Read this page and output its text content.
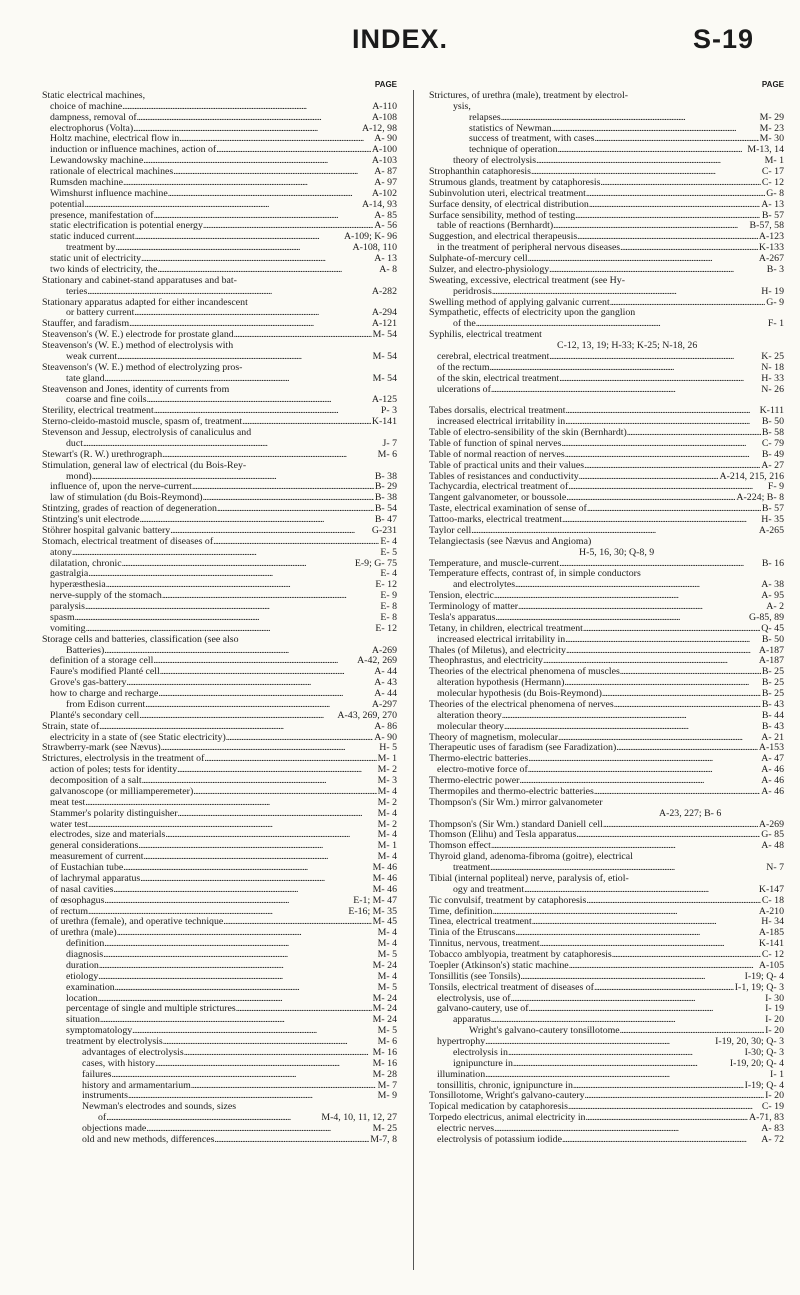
INDEX.	S-19
PAGE
Static electrical machines,
choice of machine . . .	A-110
dampness, removal of . . .	A-108
electrophorus (Volta) . . .	A-12, 98
Holtz machine, electrical flow in . . .	A- 90
induction or influence machines, action of . . .	A-100
Lewandowsky machine . . .	A-103
rationale of electrical machines . . .	A- 87
Rumsden machine . . .	A- 97
Wimshurst influence machine . . .	A-102
potential . . .	A-14, 93
presence, manifestation of . . .	A- 85
static electrification is potential energy . . .	A- 56
static induced current . . .	A-109; K- 96
treatment by . . .	A-108, 110
static unit of electricity . . .	A- 13
two kinds of electricity, the . . .	A- 8
Stationary and cabinet-stand apparatuses and bat-
teries . . .	A-282
Stationary apparatus adapted for either incandescent
or battery current . . .	A-294
Stauffer, and faradism . . .	A-121
Steavenson's (W. E.) electrode for prostate gland . . .	M- 54
Steavenson's (W. E.) method of electrolysis with
weak current . . .	M- 54
Steavenson's (W. E.) method of electrolyzing pros-
tate gland . . .	M- 54
Steavenson and Jones, identity of currents from
coarse and fine coils . . .	A-125
Sterility, electrical treatment . . .	P- 3
Sterno-cleido-mastoid muscle, spasm of, treatment . . .	K-141
Stevenson and Jessup, electrolysis of canaliculus and
duct . . .	J- 7
Stewart's (R. W.) urethrograph . . .	M- 6
Stimulation, general law of electrical (du Bois-Rey-
mond) . . .	B- 38
influence of, upon the nerve-current . . .	B- 29
law of stimulation (du Bois-Reymond) . . .	B- 38
Stintzing, grades of reaction of degeneration . . .	B- 54
Stintzing's unit electrode . . .	B- 47
Stöhrer hospital galvanic battery . . .	G-231
Stomach, electrical treatment of diseases of . . .	E- 4
atony . . .	E- 5
dilatation, chronic . . .	E-9; G- 75
gastralgia . . .	E- 4
hyperæsthesia . . .	E- 12
nerve-supply of the stomach . . .	E- 9
paralysis . . .	E- 8
spasm . . .	E- 8
vomiting . . .	E- 12
Storage cells and batteries, classification (see also
Batteries) . . .	A-269
definition of a storage cell . . .	A-42, 269
Faure's modified Planté cell . . .	A- 44
Grove's gas-battery . . .	A- 43
how to charge and recharge . . .	A- 44
from Edison current . . .	A-297
Planté's secondary cell . . .	A-43, 269, 270
Strain, state of . . .	A- 86
electricity in a state of (see Static electricity) . . .	A- 90
Strawberry-mark (see Nævus) . . .	H- 5
Strictures, electrolysis in the treatment of . . .	M- 1
action of poles; tests for identity . . .	M- 2
decomposition of a salt . . .	M- 3
galvanoscope (or milliamperemeter) . . .	M- 4
meat test . . .	M- 2
Stammer's polarity distinguisher . . .	M- 4
water test . . .	M- 2
electrodes, size and materials . . .	M- 4
general considerations . . .	M- 1
measurement of current . . .	M- 4
of Eustachian tube . . .	M- 46
of lachrymal apparatus . . .	M- 46
of nasal cavities . . .	M- 46
of œsophagus . . .	E-1; M- 47
of rectum . . .	E-16; M- 35
of urethra (female), and operative technique . . .	M- 45
of urethra (male) . . .	M- 4
definition . . .	M- 4
diagnosis . . .	M- 5
duration . . .	M- 24
etiology . . .	M- 4
examination . . .	M- 5
location . . .	M- 24
percentage of single and multiple strictures . . .	M- 24
situation . . .	M- 24
symptomatology . . .	M- 5
treatment by electrolysis . . .	M- 6
advantages of electrolysis . . .	M- 16
cases, with history . . .	M- 16
failures . . .	M- 28
history and armamentarium . . .	M- 7
instruments . . .	M- 9
Newman's electrodes and sounds, sizes
of . . .	M-4, 10, 11, 12, 27
objections made . . .	M- 25
old and new methods, differences . . .	M-7, 8
PAGE
Strictures, of urethra (male), treatment by electrol-
ysis,
relapses . . .	M- 29
statistics of Newman . . .	M- 23
success of treatment, with cases . . .	M- 30
technique of operation . . .	M-13, 14
theory of electrolysis . . .	M- 1
Strophanthin cataphoresis . . .	C- 17
Strumous glands, treatment by cataphoresis . . .	C- 12
Subinvolution uteri, electrical treatment . . .	G- 8
Surface density, of electrical distribution . . .	A- 13
Surface sensibility, method of testing . . .	B- 57
table of reactions (Bernhardt) . . .	B-57, 58
Suggestion, and electrical therapeusis . . .	A-123
in the treatment of peripheral nervous diseases . . .	K-133
Sulphate-of-mercury cell . . .	A-267
Sulzer, and electro-physiology . . .	B- 3
Sweating, excessive, electrical treatment (see Hy-
peridrosis . . .	H- 19
Swelling method of applying galvanic current . . .	G- 9
Sympathetic, effects of electricity upon the ganglion
of the . . .	F- 1
Syphilis, electrical treatment
C-12, 13, 19; H-33; K-25; N-18, 26
cerebral, electrical treatment . . .	K- 25
of the rectum . . .	N- 18
of the skin, electrical treatment . . .	H- 33
ulcerations of . . .	N- 26

Tabes dorsalis, electrical treatment . . .	K-111
increased electrical irritability in . . .	B- 50
Table of electro-sensibility of the skin (Bernhardt) . . .	B- 58
Table of function of spinal nerves . . .	C- 79
Table of normal reaction of nerves . . .	B- 49
Table of practical units and their values . . .	A- 27
Tables of resistances and conductivity . . .	A-214, 215, 216
Tachycardia, electrical treatment of . . .	F- 9
Tangent galvanometer, or boussole . . .	A-224; B- 8
Taste, electrical examination of sense of . . .	B- 57
Tattoo-marks, electrical treatment . . .	H- 35
Taylor cell . . .	A-265
Telangiectasis (see Nævus and Angioma)
H-5, 16, 30; Q-8, 9
Temperature, and muscle-current . . .	B- 16
Temperature effects, contrast of, in simple conductors
and electrolytes . . .	A- 38
Tension, electric . . .	A- 95
Terminology of matter . . .	A- 2
Tesla's apparatus . . .	G-85, 89
Tetany, in children, electrical treatment . . .	Q- 45
increased electrical irritability in . . .	B- 50
Thales (of Miletus), and electricity . . .	A-187
Theophrastus, and electricity . . .	A-187
Theories of the electrical phenomena of muscles . . .	B- 25
alteration hypothesis (Hermann) . . .	B- 25
molecular hypothesis (du Bois-Reymond) . . .	B- 25
Theories of the electrical phenomena of nerves . . .	B- 43
alteration theory . . .	B- 44
molecular theory . . .	B- 43
Theory of magnetism, molecular . . .	A- 21
Therapeutic uses of faradism (see Faradization) . . .	A-153
Thermo-electric batteries . . .	A- 47
electro-motive force of . . .	A- 46
Thermo-electric power . . .	A- 46
Thermopiles and thermo-electric batteries . . .	A- 46
Thompson's (Sir Wm.) mirror galvanometer
A-23, 227; B- 6
Thompson's (Sir Wm.) standard Daniell cell . . .	A-269
Thomson (Elihu) and Tesla apparatus . . .	G- 85
Thomson effect . . .	A- 48
Thyroid gland, adenoma-fibroma (goitre), electrical
treatment . . .	N- 7
Tibial (internal popliteal) nerve, paralysis of, etiol-
ogy and treatment . . .	K-147
Tic convulsif, treatment by cataphoresis . . .	C- 18
Time, definition . . .	A-210
Tinea, electrical treatment . . .	H- 34
Tinia of the Etruscans . . .	A-185
Tinnitus, nervous, treatment . . .	K-141
Tobacco amblyopia, treatment by cataphoresis . . .	C- 12
Toepler (Atkinson's) static machine . . .	A-105
Tonsillitis (see Tonsils) . . .	I-19; Q- 4
Tonsils, electrical treatment of diseases of . . .	I-1, 19; Q- 3
electrolysis, use of . . .	I- 30
galvano-cautery, use of . . .	I- 19
apparatus . . .	I- 20
Wright's galvano-cautery tonsillotome . . .	I- 20
hypertrophy . . .	I-19, 20, 30; Q- 3
electrolysis in . . .	I-30; Q- 3
ignipuncture in . . .	I-19, 20; Q- 4
illumination . . .	I- 1
tonsillitis, chronic, ignipuncture in . . .	I-19; Q- 4
Tonsillotome, Wright's galvano-cautery . . .	I- 20
Topical medication by cataphoresis . . .	C- 19
Torpedo electricus, animal electricity in . . .	A-71, 83
electric nerves . . .	A- 83
electrolysis of potassium iodide . . .	A- 72
